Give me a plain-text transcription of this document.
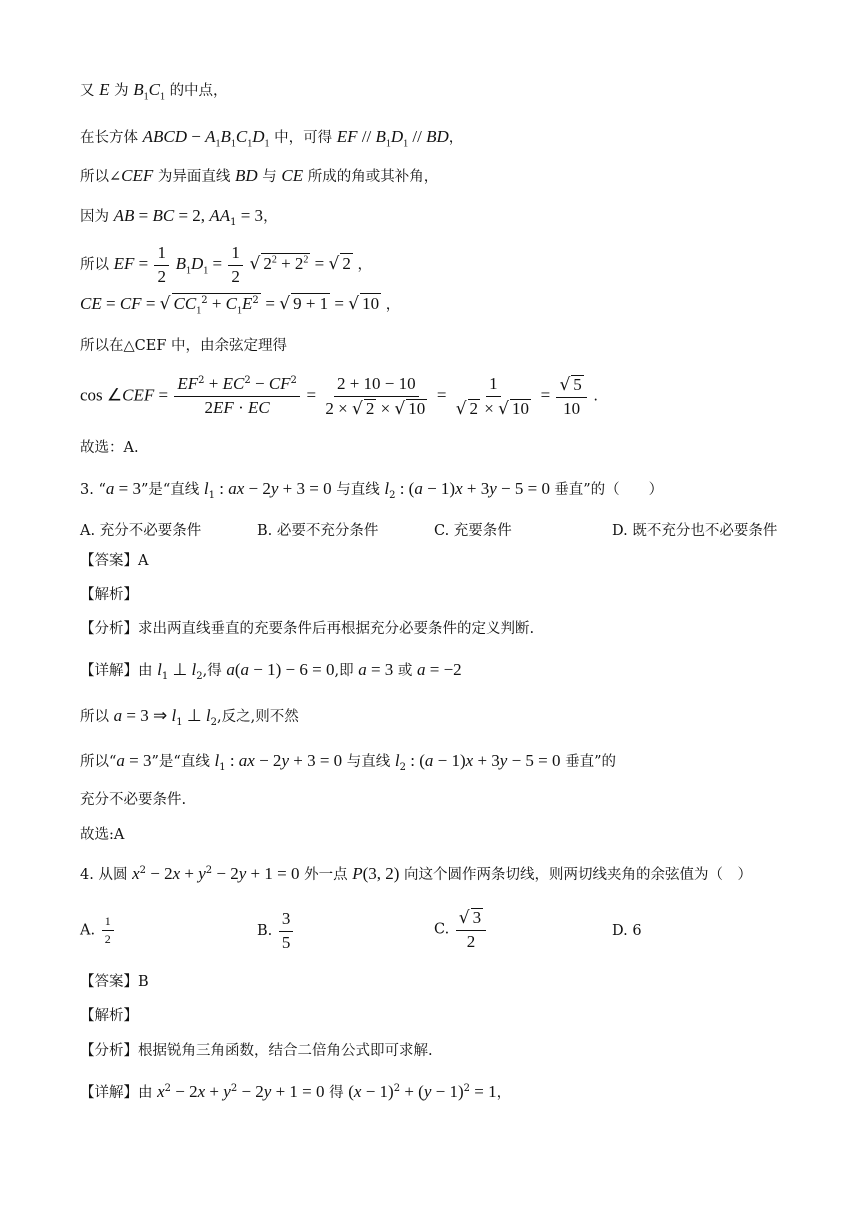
又 E 为 $B_1C_1$ 的中点，
在长方体 ABCD − $A_1B_1C_1D_1$ 中，可得 EF // $B_1D_1$ // BD，
所以∠CEF 为异面直线 BD 与 CE 所成的角或其补角，
因为 AB = BC = 2, $AA_1 = 3$，
所以 EF = $\frac{1}{2} B_1D_1 = \frac{1}{2}$ √ $2^2 + 2^2$ = √ 2 ，
CE = CF = √ $CC_1^2 + C_1E^2$ = √ 9 + 1 = √ 10 ，
所以在△CEF 中，由余弦定理得
cos ∠CEF = $\frac{EF^2 + EC^2 - CF^2}{2EF \cdot EC} = \frac{2 + 10 - 10}{2 \times √ 2 \times √ 10} = \frac{1}{√ 2 \times √ 10} = \frac{√ 5}{10}$ .
故选：A.
3. “a = 3”是“直线 $l_1$ : ax − 2y + 3 = 0 与直线 $l_2$ : (a − 1)x + 3y − 5 = 0 垂直”的（　　）
A. 充分不必要条件	B. 必要不充分条件	C. 充要条件	D. 既不充分也不必要条件
【答案】A
【解析】
【分析】求出两直线垂直的充要条件后再根据充分必要条件的定义判断.
【详解】由 $l_1$ ⊥ $l_2$,得 a(a − 1) − 6 = 0,即 a = 3 或 a = −2
所以 a = 3 ⇒ $l_1$ ⊥ $l_2$,反之,则不然
所以“a = 3”是“直线 $l_1$ : ax − 2y + 3 = 0 与直线 $l_2$ : (a − 1)x + 3y − 5 = 0 垂直”的
充分不必要条件.
故选:A
4. 从圆 $x^2 - 2x + y^2 - 2y + 1 = 0$ 外一点 P(3, 2) 向这个圆作两条切线，则两切线夹角的余弦值为（　）
A. $\frac{1}{2}$	B. $\frac{3}{5}$	C. $\frac{√ 3}{2}$	D. 6
【答案】B
【解析】
【分析】根据锐角三角函数，结合二倍角公式即可求解.
【详解】由 $x^2 - 2x + y^2 - 2y + 1 = 0$ 得 $(x - 1)^2 + (y - 1)^2 = 1$，
